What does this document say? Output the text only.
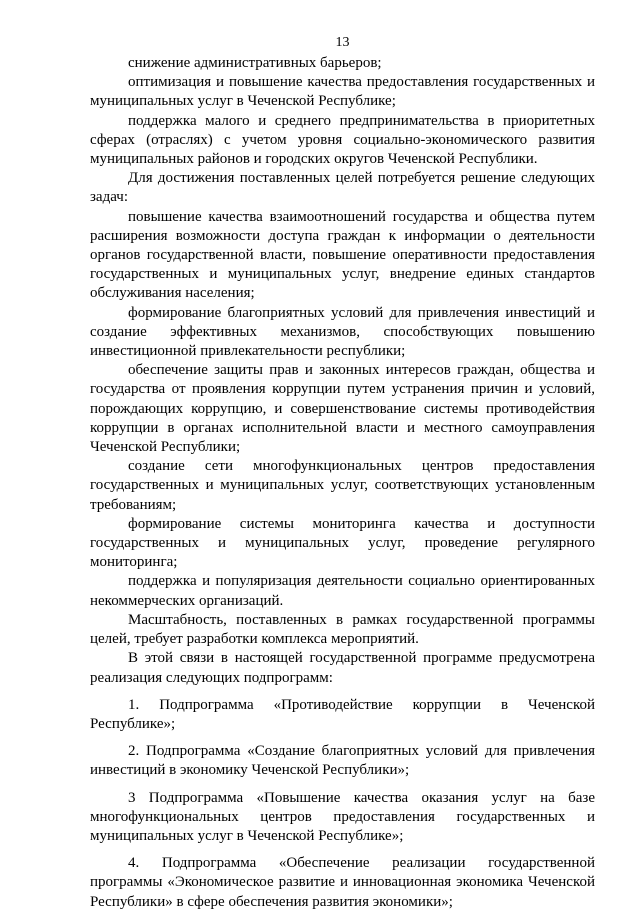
13

снижение административных барьеров;

оптимизация и повышение качества предоставления государственных и муниципальных услуг в Чеченской Республике;

поддержка малого и среднего предпринимательства в приоритетных сферах (отраслях) с учетом уровня социально-экономического развития муниципальных районов и городских округов Чеченской Республики.

Для достижения поставленных целей потребуется решение следующих задач:

повышение качества взаимоотношений государства и общества путем расширения возможности доступа граждан к информации о деятельности органов государственной власти, повышение оперативности предоставления государственных и муниципальных услуг, внедрение единых стандартов обслуживания населения;

формирование благоприятных условий для привлечения инвестиций и создание эффективных механизмов, способствующих повышению инвестиционной привлекательности республики;

обеспечение защиты прав и законных интересов граждан, общества и государства от проявления коррупции путем устранения причин и условий, порождающих коррупцию, и совершенствование системы противодействия коррупции в органах исполнительной власти и местного самоуправления Чеченской Республики;

создание сети многофункциональных центров предоставления государственных и муниципальных услуг, соответствующих установленным требованиям;

формирование системы мониторинга качества и доступности государственных и муниципальных услуг, проведение регулярного мониторинга;

поддержка и популяризация деятельности социально ориентированных некоммерческих организаций.

Масштабность, поставленных в рамках государственной программы целей, требует разработки комплекса мероприятий.

В этой связи в настоящей государственной программе предусмотрена реализация следующих подпрограмм:

1. Подпрограмма «Противодействие коррупции в Чеченской Республике»;

2. Подпрограмма «Создание благоприятных условий для привлечения инвестиций в экономику Чеченской Республики»;

3 Подпрограмма «Повышение качества оказания услуг на базе многофункциональных центров предоставления государственных и муниципальных услуг в Чеченской Республике»;

4. Подпрограмма «Обеспечение реализации государственной программы «Экономическое развитие и инновационная экономика Чеченской Республики» в сфере обеспечения развития экономики»;
